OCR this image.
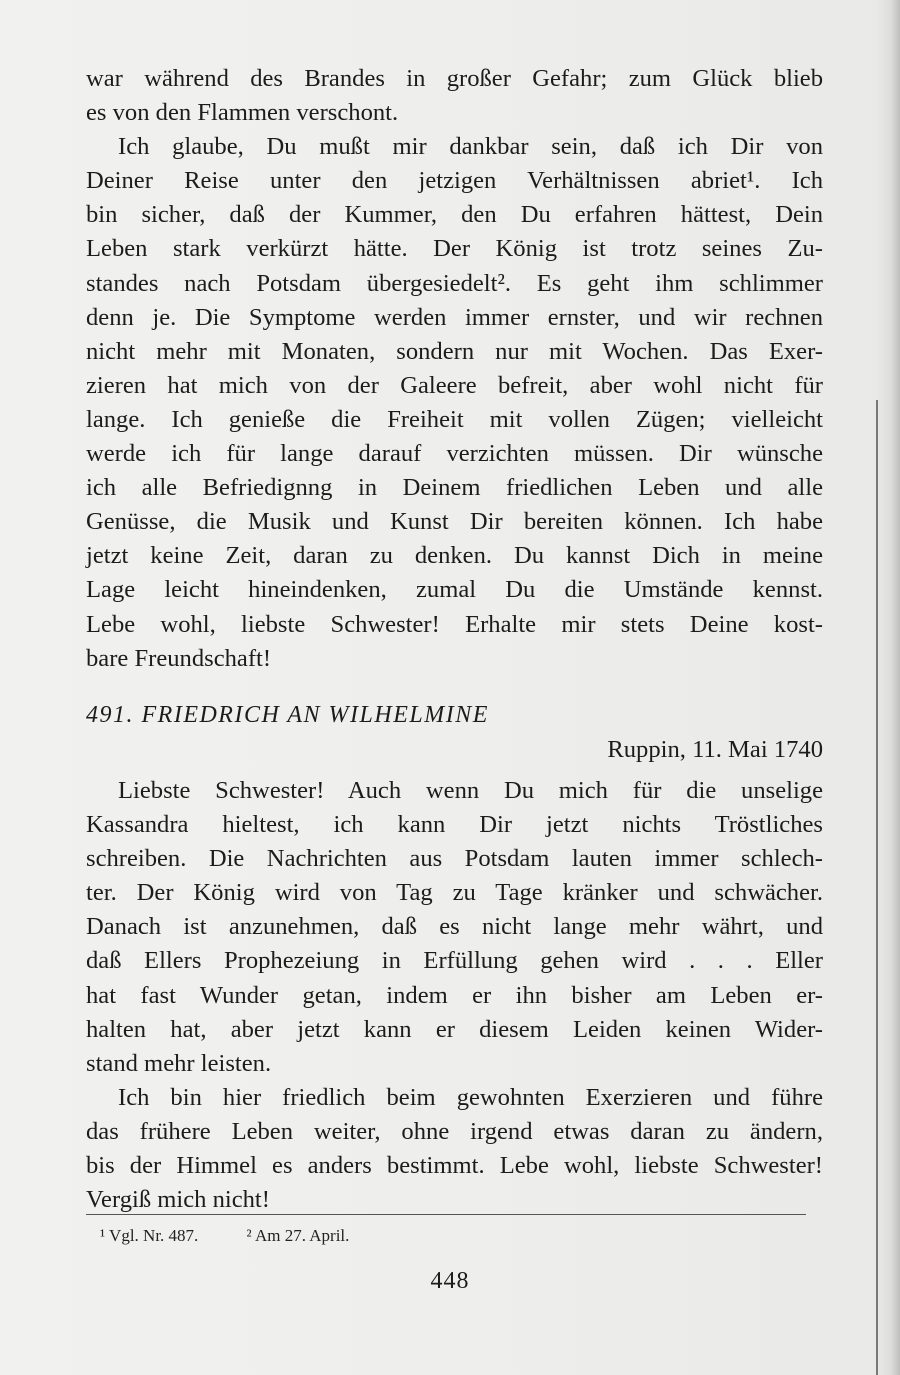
war während des Brandes in großer Gefahr; zum Glück blieb
es von den Flammen verschont.

Ich glaube, Du mußt mir dankbar sein, daß ich Dir von
Deiner Reise unter den jetzigen Verhältnissen abriet¹. Ich
bin sicher, daß der Kummer, den Du erfahren hättest, Dein
Leben stark verkürzt hätte. Der König ist trotz seines Zu-
standes nach Potsdam übergesiedelt². Es geht ihm schlimmer
denn je. Die Symptome werden immer ernster, und wir rechnen
nicht mehr mit Monaten, sondern nur mit Wochen. Das Exer-
zieren hat mich von der Galeere befreit, aber wohl nicht für
lange. Ich genieße die Freiheit mit vollen Zügen; vielleicht
werde ich für lange darauf verzichten müssen. Dir wünsche
ich alle Befriedignng in Deinem friedlichen Leben und alle
Genüsse, die Musik und Kunst Dir bereiten können. Ich habe
jetzt keine Zeit, daran zu denken. Du kannst Dich in meine
Lage leicht hineindenken, zumal Du die Umstände kennst.
Lebe wohl, liebste Schwester! Erhalte mir stets Deine kost-
bare Freundschaft!

491. FRIEDRICH AN WILHELMINE
Ruppin, 11. Mai 1740

Liebste Schwester! Auch wenn Du mich für die unselige
Kassandra hieltest, ich kann Dir jetzt nichts Tröstliches
schreiben. Die Nachrichten aus Potsdam lauten immer schlech-
ter. Der König wird von Tag zu Tage kränker und schwächer.
Danach ist anzunehmen, daß es nicht lange mehr währt, und
daß Ellers Prophezeiung in Erfüllung gehen wird . . . Eller
hat fast Wunder getan, indem er ihn bisher am Leben er-
halten hat, aber jetzt kann er diesem Leiden keinen Wider-
stand mehr leisten.

Ich bin hier friedlich beim gewohnten Exerzieren und führe
das frühere Leben weiter, ohne irgend etwas daran zu ändern,
bis der Himmel es anders bestimmt. Lebe wohl, liebste Schwester!
Vergiß mich nicht!

¹ Vgl. Nr. 487.	² Am 27. April.
448
